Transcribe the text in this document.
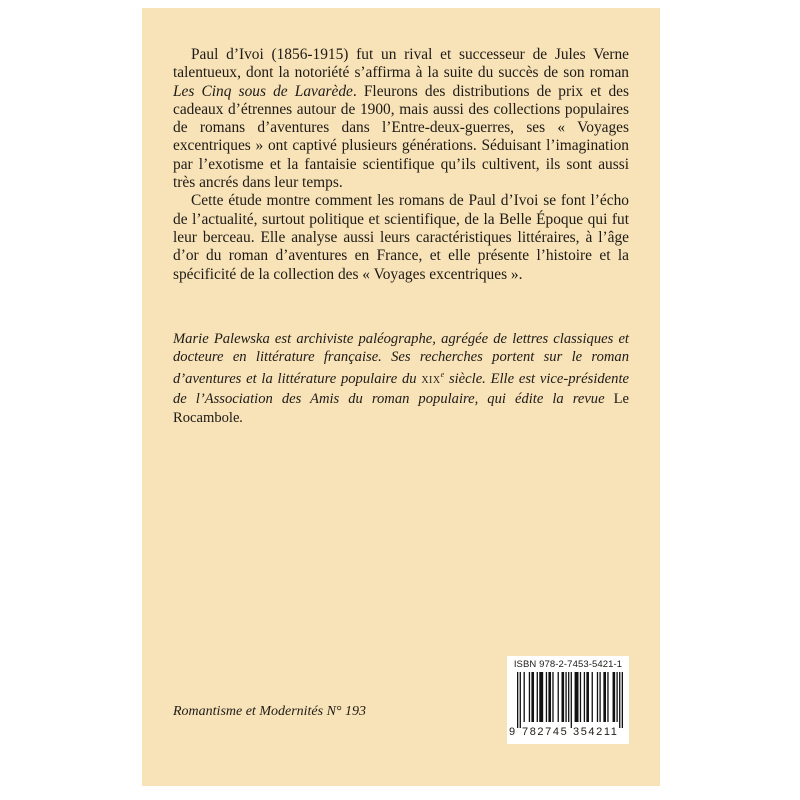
Paul d’Ivoi (1856-1915) fut un rival et successeur de Jules Verne talentueux, dont la notoriété s’affirma à la suite du succès de son roman Les Cinq sous de Lavarède. Fleurons des distributions de prix et des cadeaux d’étrennes autour de 1900, mais aussi des collections populaires de romans d’aventures dans l’Entre-deux-guerres, ses « Voyages excentriques » ont captivé plusieurs générations. Séduisant l’imagination par l’exotisme et la fantaisie scientifique qu’ils cultivent, ils sont aussi très ancrés dans leur temps.

Cette étude montre comment les romans de Paul d’Ivoi se font l’écho de l’actualité, surtout politique et scientifique, de la Belle Époque qui fut leur berceau. Elle analyse aussi leurs caractéristiques littéraires, à l’âge d’or du roman d’aventures en France, et elle présente l’histoire et la spécificité de la collection des « Voyages excentriques ».

Marie Palewska est archiviste paléographe, agrégée de lettres classiques et docteure en littérature française. Ses recherches portent sur le roman d’aventures et la littérature populaire du XIXe siècle. Elle est vice-présidente de l’Association des Amis du roman populaire, qui édite la revue Le Rocambole.

Romantisme et Modernités N° 193
ISBN 978-2-7453-5421-1
9 782745 354211
